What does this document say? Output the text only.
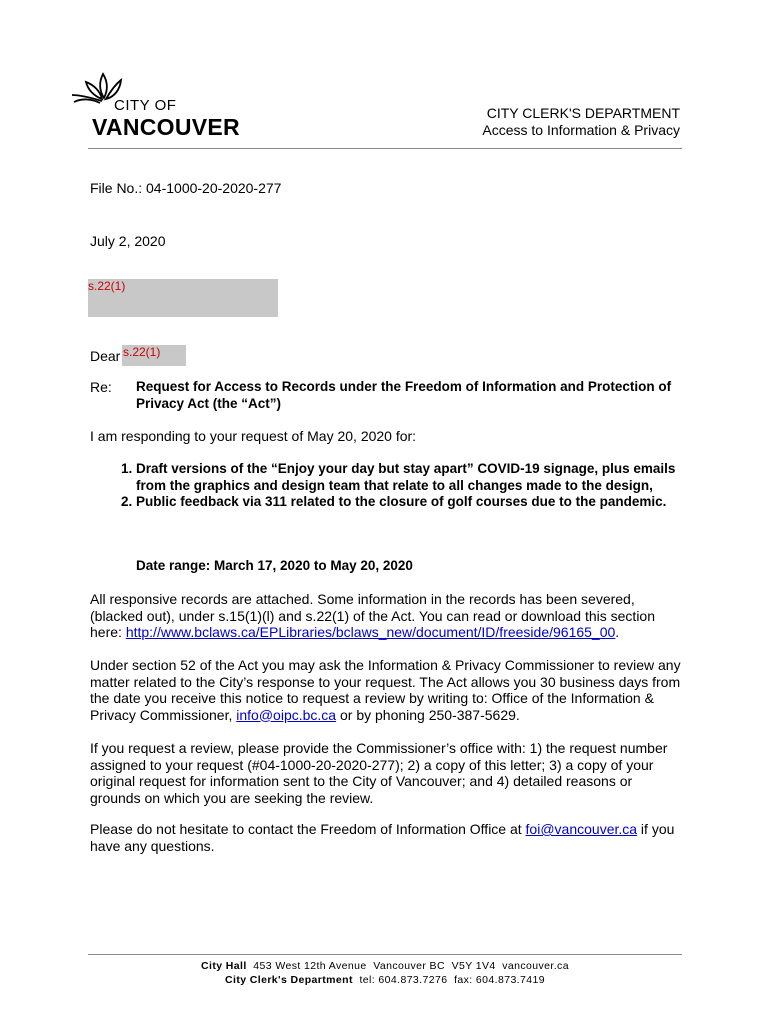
CITY OF
VANCOUVER
CITY CLERK'S DEPARTMENT
Access to Information & Privacy
File No.: 04-1000-20-2020-277
July 2, 2020
s.22(1)
Dear s.22(1)
Re: Request for Access to Records under the Freedom of Information and Protection of Privacy Act (the “Act”)
I am responding to your request of May 20, 2020 for:
1. Draft versions of the “Enjoy your day but stay apart” COVID-19 signage, plus emails from the graphics and design team that relate to all changes made to the design,
2. Public feedback via 311 related to the closure of golf courses due to the pandemic.
Date range: March 17, 2020 to May 20, 2020
All responsive records are attached. Some information in the records has been severed, (blacked out), under s.15(1)(l) and s.22(1) of the Act. You can read or download this section here: http://www.bclaws.ca/EPLibraries/bclaws_new/document/ID/freeside/96165_00.
Under section 52 of the Act you may ask the Information & Privacy Commissioner to review any matter related to the City’s response to your request. The Act allows you 30 business days from the date you receive this notice to request a review by writing to: Office of the Information & Privacy Commissioner, info@oipc.bc.ca or by phoning 250-387-5629.
If you request a review, please provide the Commissioner’s office with: 1) the request number assigned to your request (#04-1000-20-2020-277); 2) a copy of this letter; 3) a copy of your original request for information sent to the City of Vancouver; and 4) detailed reasons or grounds on which you are seeking the review.
Please do not hesitate to contact the Freedom of Information Office at foi@vancouver.ca if you have any questions.
City Hall  453 West 12th Avenue  Vancouver BC  V5Y 1V4  vancouver.ca
City Clerk's Department  tel: 604.873.7276  fax: 604.873.7419
